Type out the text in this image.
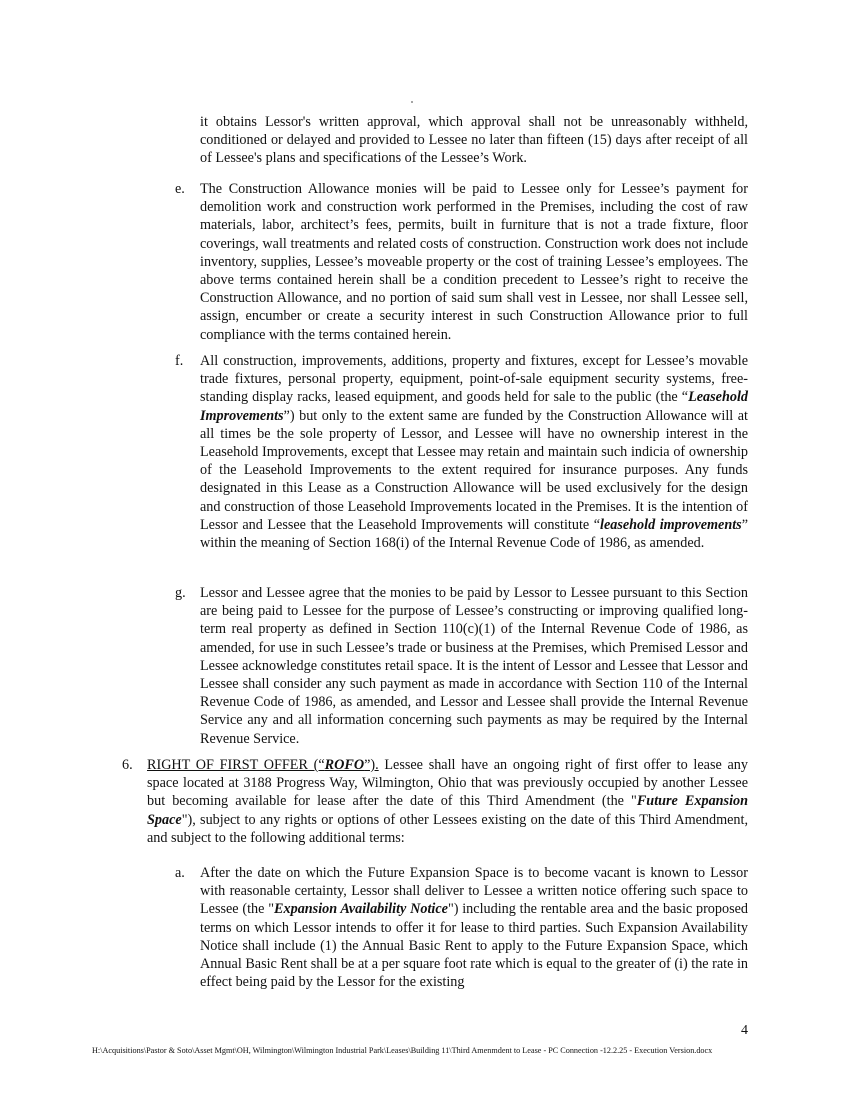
it obtains Lessor's written approval, which approval shall not be unreasonably withheld, conditioned or delayed and provided to Lessee no later than fifteen (15) days after receipt of all of Lessee's plans and specifications of the Lessee’s Work.

e. The Construction Allowance monies will be paid to Lessee only for Lessee’s payment for demolition work and construction work performed in the Premises, including the cost of raw materials, labor, architect’s fees, permits, built in furniture that is not a trade fixture, floor coverings, wall treatments and related costs of construction. Construction work does not include inventory, supplies, Lessee’s moveable property or the cost of training Lessee’s employees. The above terms contained herein shall be a condition precedent to Lessee’s right to receive the Construction Allowance, and no portion of said sum shall vest in Lessee, nor shall Lessee sell, assign, encumber or create a security interest in such Construction Allowance prior to full compliance with the terms contained herein.

f. All construction, improvements, additions, property and fixtures, except for Lessee’s movable trade fixtures, personal property, equipment, point-of-sale equipment security systems, free-standing display racks, leased equipment, and goods held for sale to the public (the “Leasehold Improvements”) but only to the extent same are funded by the Construction Allowance will at all times be the sole property of Lessor, and Lessee will have no ownership interest in the Leasehold Improvements, except that Lessee may retain and maintain such indicia of ownership of the Leasehold Improvements to the extent required for insurance purposes. Any funds designated in this Lease as a Construction Allowance will be used exclusively for the design and construction of those Leasehold Improvements located in the Premises. It is the intention of Lessor and Lessee that the Leasehold Improvements will constitute “leasehold improvements” within the meaning of Section 168(i) of the Internal Revenue Code of 1986, as amended.

g. Lessor and Lessee agree that the monies to be paid by Lessor to Lessee pursuant to this Section are being paid to Lessee for the purpose of Lessee’s constructing or improving qualified long-term real property as defined in Section 110(c)(1) of the Internal Revenue Code of 1986, as amended, for use in such Lessee’s trade or business at the Premises, which Premised Lessor and Lessee acknowledge constitutes retail space. It is the intent of Lessor and Lessee that Lessor and Lessee shall consider any such payment as made in accordance with Section 110 of the Internal Revenue Code of 1986, as amended, and Lessor and Lessee shall provide the Internal Revenue Service any and all information concerning such payments as may be required by the Internal Revenue Service.

6. RIGHT OF FIRST OFFER (“ROFO”). Lessee shall have an ongoing right of first offer to lease any space located at 3188 Progress Way, Wilmington, Ohio that was previously occupied by another Lessee but becoming available for lease after the date of this Third Amendment (the "Future Expansion Space"), subject to any rights or options of other Lessees existing on the date of this Third Amendment, and subject to the following additional terms:

a. After the date on which the Future Expansion Space is to become vacant is known to Lessor with reasonable certainty, Lessor shall deliver to Lessee a written notice offering such space to Lessee (the "Expansion Availability Notice") including the rentable area and the basic proposed terms on which Lessor intends to offer it for lease to third parties. Such Expansion Availability Notice shall include (1) the Annual Basic Rent to apply to the Future Expansion Space, which Annual Basic Rent shall be at a per square foot rate which is equal to the greater of (i) the rate in effect being paid by the Lessor for the existing

4
H:\Acquisitions\Pastor & Soto\Asset Mgmt\OH, Wilmington\Wilmington Industrial Park\Leases\Building 11\Third Amenmdent to Lease - PC Connection -12.2.25 - Execution Version.docx
